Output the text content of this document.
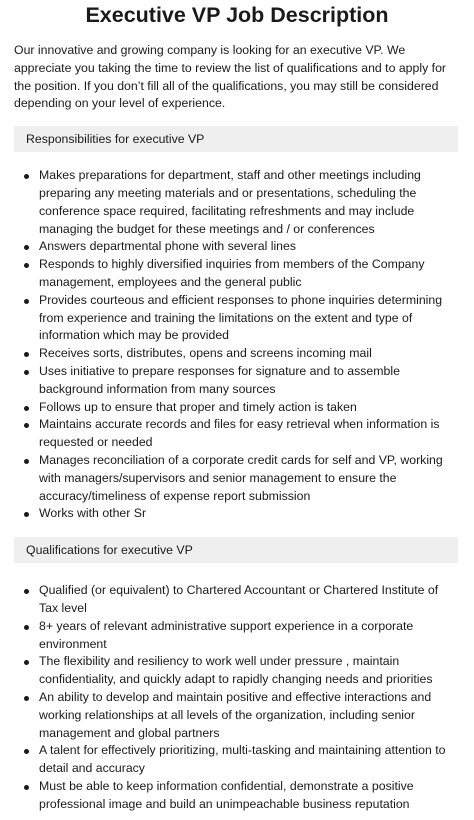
Executive VP Job Description

Our innovative and growing company is looking for an executive VP. We appreciate you taking the time to review the list of qualifications and to apply for the position. If you don’t fill all of the qualifications, you may still be considered depending on your level of experience.

Responsibilities for executive VP
Makes preparations for department, staff and other meetings including preparing any meeting materials and or presentations, scheduling the conference space required, facilitating refreshments and may include managing the budget for these meetings and / or conferences
Answers departmental phone with several lines
Responds to highly diversified inquiries from members of the Company management, employees and the general public
Provides courteous and efficient responses to phone inquiries determining from experience and training the limitations on the extent and type of information which may be provided
Receives sorts, distributes, opens and screens incoming mail
Uses initiative to prepare responses for signature and to assemble background information from many sources
Follows up to ensure that proper and timely action is taken
Maintains accurate records and files for easy retrieval when information is requested or needed
Manages reconciliation of a corporate credit cards for self and VP, working with managers/supervisors and senior management to ensure the accuracy/timeliness of expense report submission
Works with other Sr
Qualifications for executive VP
Qualified (or equivalent) to Chartered Accountant or Chartered Institute of Tax level
8+ years of relevant administrative support experience in a corporate environment
The flexibility and resiliency to work well under pressure , maintain confidentiality, and quickly adapt to rapidly changing needs and priorities
An ability to develop and maintain positive and effective interactions and working relationships at all levels of the organization, including senior management and global partners
A talent for effectively prioritizing, multi-tasking and maintaining attention to detail and accuracy
Must be able to keep information confidential, demonstrate a positive professional image and build an unimpeachable business reputation
